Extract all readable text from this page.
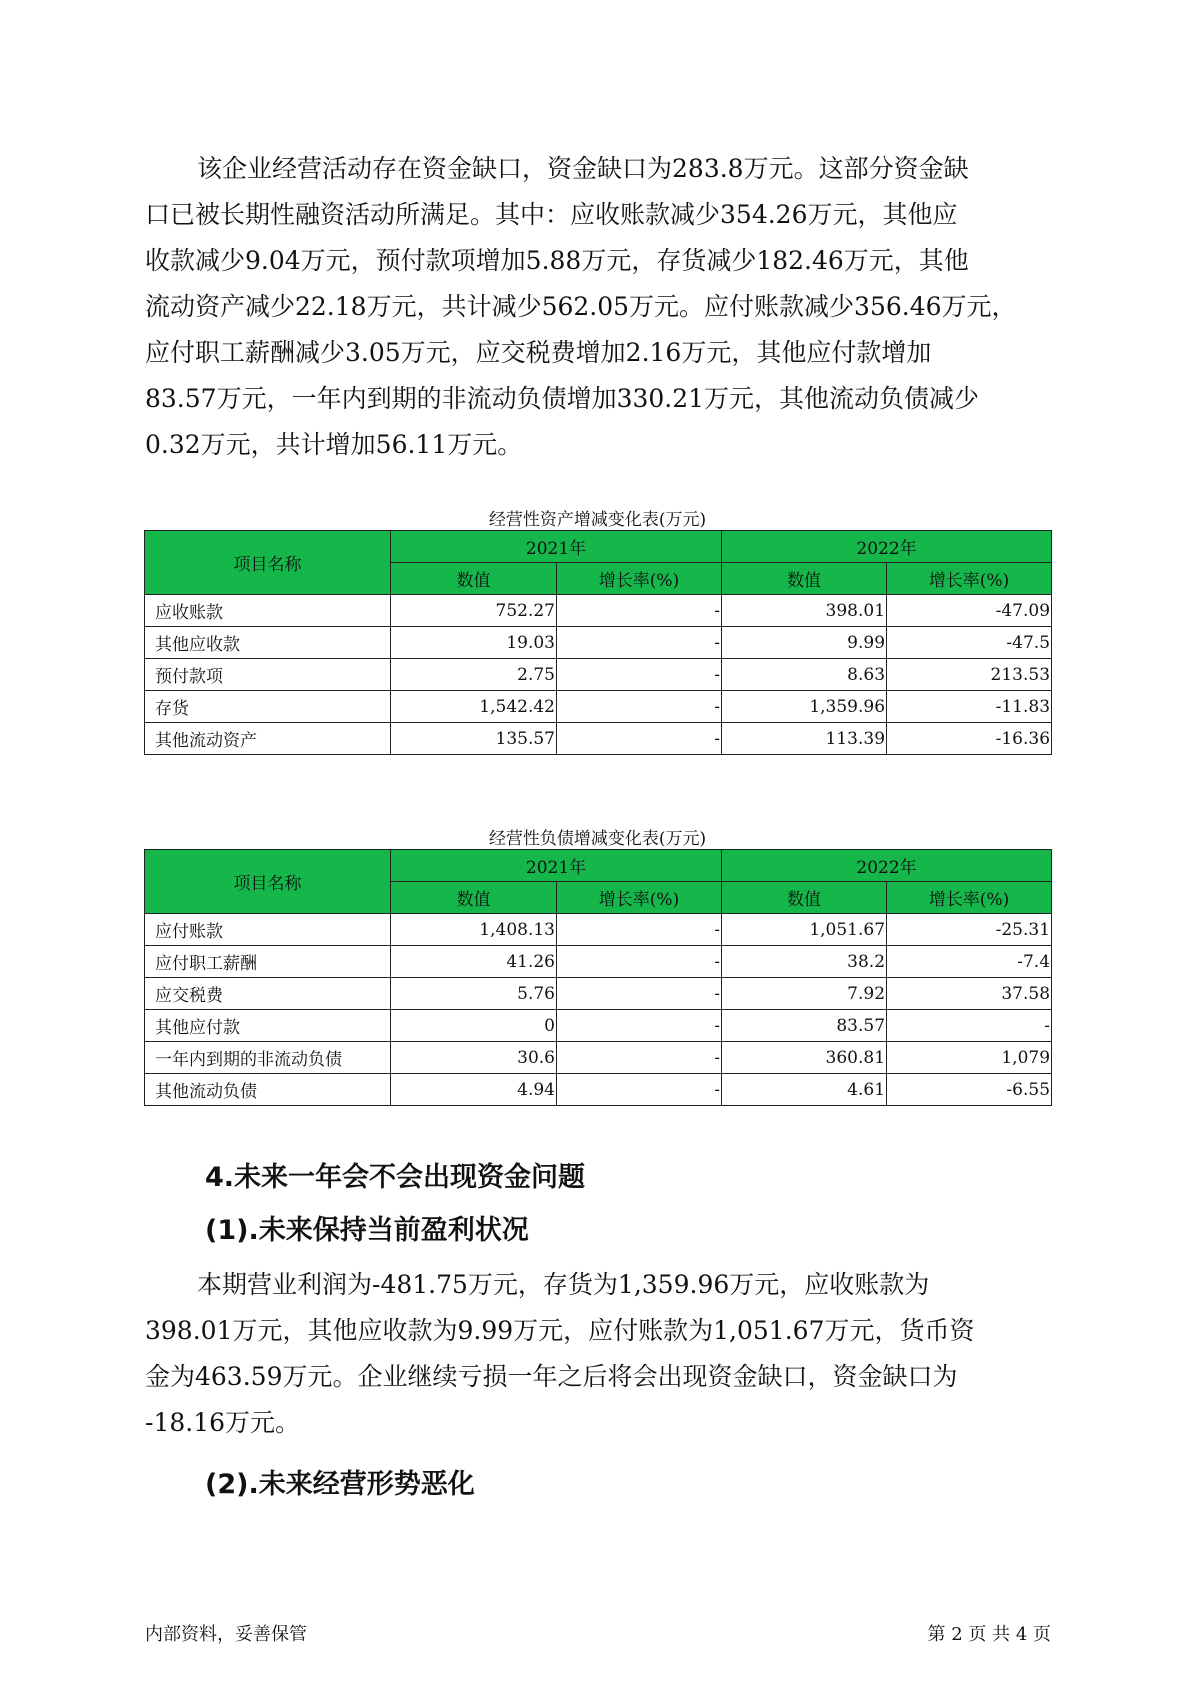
该企业经营活动存在资金缺口，资金缺口为283.8万元。这部分资金缺
口已被长期性融资活动所满足。其中：应收账款减少354.26万元，其他应
收款减少9.04万元，预付款项增加5.88万元，存货减少182.46万元，其他
流动资产减少22.18万元，共计减少562.05万元。应付账款减少356.46万元，
应付职工薪酬减少3.05万元，应交税费增加2.16万元，其他应付款增加
83.57万元，一年内到期的非流动负债增加330.21万元，其他流动负债减少
0.32万元，共计增加56.11万元。
经营性资产增减变化表(万元)
项目名称	2021年		2022年	
	数值	增长率(%)	数值	增长率(%)
应收账款	752.27	-	398.01	-47.09
其他应收款	19.03	-	9.99	-47.5
预付款项	2.75	-	8.63	213.53
存货	1,542.42	-	1,359.96	-11.83
其他流动资产	135.57	-	113.39	-16.36
经营性负债增减变化表(万元)
项目名称	2021年		2022年	
	数值	增长率(%)	数值	增长率(%)
应付账款	1,408.13	-	1,051.67	-25.31
应付职工薪酬	41.26	-	38.2	-7.4
应交税费	5.76	-	7.92	37.58
其他应付款	0	-	83.57	-
一年内到期的非流动负债	30.6	-	360.81	1,079
其他流动负债	4.94	-	4.61	-6.55
4.未来一年会不会出现资金问题
(1).未来保持当前盈利状况
本期营业利润为-481.75万元，存货为1,359.96万元，应收账款为
398.01万元，其他应收款为9.99万元，应付账款为1,051.67万元，货币资
金为463.59万元。企业继续亏损一年之后将会出现资金缺口，资金缺口为
-18.16万元。
(2).未来经营形势恶化
内部资料，妥善保管	第 2 页 共 4 页
